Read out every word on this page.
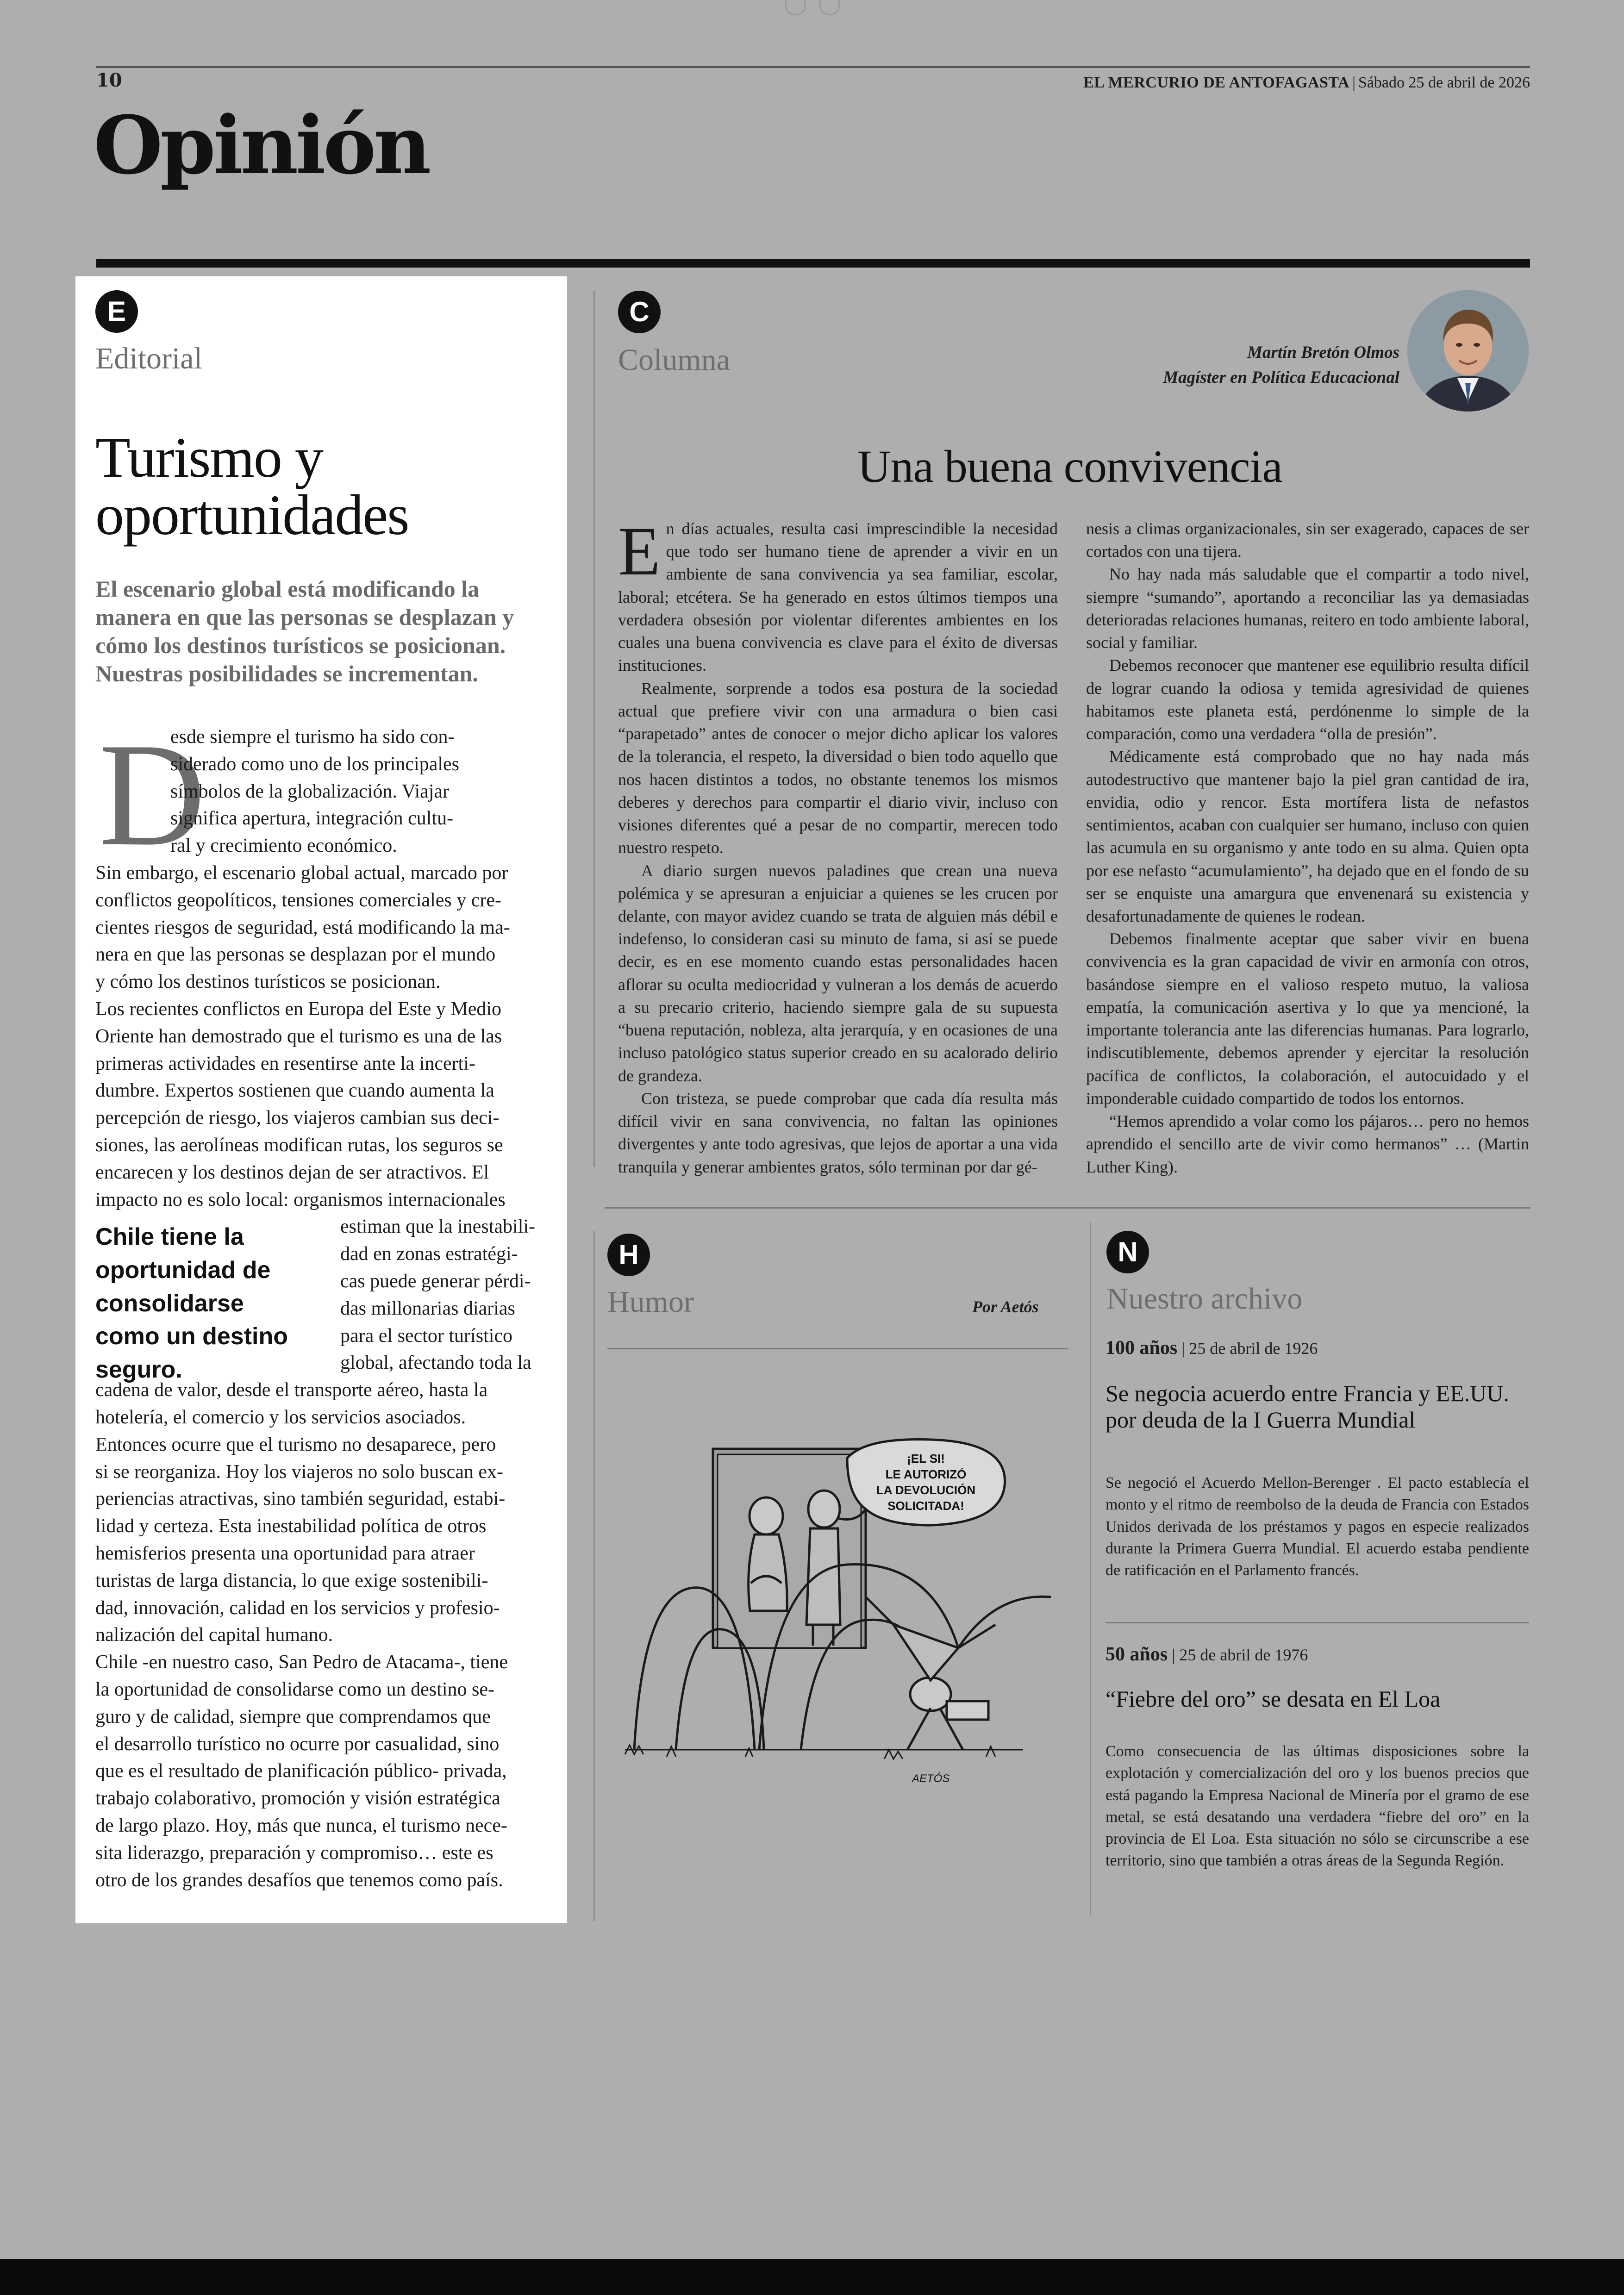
10	EL MERCURIO DE ANTOFAGASTA | Sábado 25 de abril de 2026
Opinión
E
Editorial
Turismo y
oportunidades
El escenario global está modificando la manera en que las personas se desplazan y cómo los destinos turísticos se posicionan. Nuestras posibilidades se incrementan.
D
Chile tiene la oportunidad de consolidarse como un destino seguro.
esde siempre el turismo ha sido con-
siderado como uno de los principales
símbolos de la globalización. Viajar
significa apertura, integración cultu-
ral y crecimiento económico.
Sin embargo, el escenario global actual, marcado por
conflictos geopolíticos, tensiones comerciales y cre-
cientes riesgos de seguridad, está modificando la ma-
nera en que las personas se desplazan por el mundo
y cómo los destinos turísticos se posicionan.
Los recientes conflictos en Europa del Este y Medio
Oriente han demostrado que el turismo es una de las
primeras actividades en resentirse ante la incerti-
dumbre. Expertos sostienen que cuando aumenta la
percepción de riesgo, los viajeros cambian sus deci-
siones, las aerolíneas modifican rutas, los seguros se
encarecen y los destinos dejan de ser atractivos. El
impacto no es solo local: organismos internacionales
estiman que la inestabili-
dad en zonas estratégi-
cas puede generar pérdi-
das millonarias diarias
para el sector turístico
global, afectando toda la
cadena de valor, desde el transporte aéreo, hasta la
hotelería, el comercio y los servicios asociados.
Entonces ocurre que el turismo no desaparece, pero
si se reorganiza. Hoy los viajeros no solo buscan ex-
periencias atractivas, sino también seguridad, estabi-
lidad y certeza. Esta inestabilidad política de otros
hemisferios presenta una oportunidad para atraer
turistas de larga distancia, lo que exige sostenibili-
dad, innovación, calidad en los servicios y profesio-
nalización del capital humano.
Chile -en nuestro caso, San Pedro de Atacama-, tiene
la oportunidad de consolidarse como un destino se-
guro y de calidad, siempre que comprendamos que
el desarrollo turístico no ocurre por casualidad, sino
que es el resultado de planificación público- privada,
trabajo colaborativo, promoción y visión estratégica
de largo plazo. Hoy, más que nunca, el turismo nece-
sita liderazgo, preparación y compromiso… este es
otro de los grandes desafíos que tenemos como país.
C
Columna	Martín Bretón Olmos
Magíster en Política Educacional
Una buena convivencia
E n días actuales, resulta casi imprescindible la necesidad que todo ser humano tiene de aprender a vivir en un ambiente de sana convivencia ya sea familiar, escolar, laboral; etcétera. Se ha generado en estos últimos tiempos una verdadera obsesión por violentar diferentes ambientes en los cuales una buena convivencia es clave para el éxito de diversas instituciones.

Realmente, sorprende a todos esa postura de la sociedad actual que prefiere vivir con una armadura o bien casi “parapetado” antes de conocer o mejor dicho aplicar los valores de la tolerancia, el respeto, la diversidad o bien todo aquello que nos hacen distintos a todos, no obstante tenemos los mismos deberes y derechos para compartir el diario vivir, incluso con visiones diferentes qué a pesar de no compartir, merecen todo nuestro respeto.

A diario surgen nuevos paladines que crean una nueva polémica y se apresuran a enjuiciar a quienes se les crucen por delante, con mayor avidez cuando se trata de alguien más débil e indefenso, lo consideran casi su minuto de fama, si así se puede decir, es en ese momento cuando estas personalidades hacen aflorar su oculta mediocridad y vulneran a los demás de acuerdo a su precario criterio, haciendo siempre gala de su supuesta “buena reputación, nobleza, alta jerarquía, y en ocasiones de una incluso patológico status superior creado en su acalorado delirio de grandeza.

Con tristeza, se puede comprobar que cada día resulta más difícil vivir en sana convivencia, no faltan las opiniones divergentes y ante todo agresivas, que lejos de aportar a una vida tranquila y generar ambientes gratos, sólo terminan por dar gé-

nesis a climas organizacionales, sin ser exagerado, capaces de ser cortados con una tijera.

No hay nada más saludable que el compartir a todo nivel, siempre “sumando”, aportando a reconciliar las ya demasiadas deterioradas relaciones humanas, reitero en todo ambiente laboral, social y familiar.

Debemos reconocer que mantener ese equilibrio resulta difícil de lograr cuando la odiosa y temida agresividad de quienes habitamos este planeta está, perdónenme lo simple de la comparación, como una verdadera “olla de presión”.

Médicamente está comprobado que no hay nada más autodestructivo que mantener bajo la piel gran cantidad de ira, envidia, odio y rencor. Esta mortífera lista de nefastos sentimientos, acaban con cualquier ser humano, incluso con quien las acumula en su organismo y ante todo en su alma. Quien opta por ese nefasto “acumulamiento”, ha dejado que en el fondo de su ser se enquiste una amargura que envenenará su existencia y desafortunadamente de quienes le rodean.

Debemos finalmente aceptar que saber vivir en buena convivencia es la gran capacidad de vivir en armonía con otros, basándose siempre en el valioso respeto mutuo, la valiosa empatía, la comunicación asertiva y lo que ya mencioné, la importante tolerancia ante las diferencias humanas. Para lograrlo, indiscutiblemente, debemos aprender y ejercitar la resolución pacífica de conflictos, la colaboración, el autocuidado y el imponderable cuidado compartido de todos los entornos.

“Hemos aprendido a volar como los pájaros… pero no hemos aprendido el sencillo arte de vivir como hermanos” … (Martin Luther King).

H
Humor	Por Aetós
¡EL SI!
LE AUTORIZÓ
LA DEVOLUCIÓN
SOLICITADA!
AETÓS
N
Nuestro archivo
100 años | 25 de abril de 1926
Se negocia acuerdo entre Francia y EE.UU. por deuda de la I Guerra Mundial
Se negoció el Acuerdo Mellon-Berenger . El pacto establecía el monto y el ritmo de reembolso de la deuda de Francia con Estados Unidos derivada de los préstamos y pagos en especie realizados durante la Primera Guerra Mundial. El acuerdo estaba pendiente de ratificación en el Parlamento francés.
50 años | 25 de abril de 1976
“Fiebre del oro” se desata en El Loa
Como consecuencia de las últimas disposiciones sobre la explotación y comercialización del oro y los buenos precios que está pagando la Empresa Nacional de Minería por el gramo de ese metal, se está desatando una verdadera “fiebre del oro” en la provincia de El Loa. Esta situación no sólo se circunscribe a ese territorio, sino que también a otras áreas de la Segunda Región.
